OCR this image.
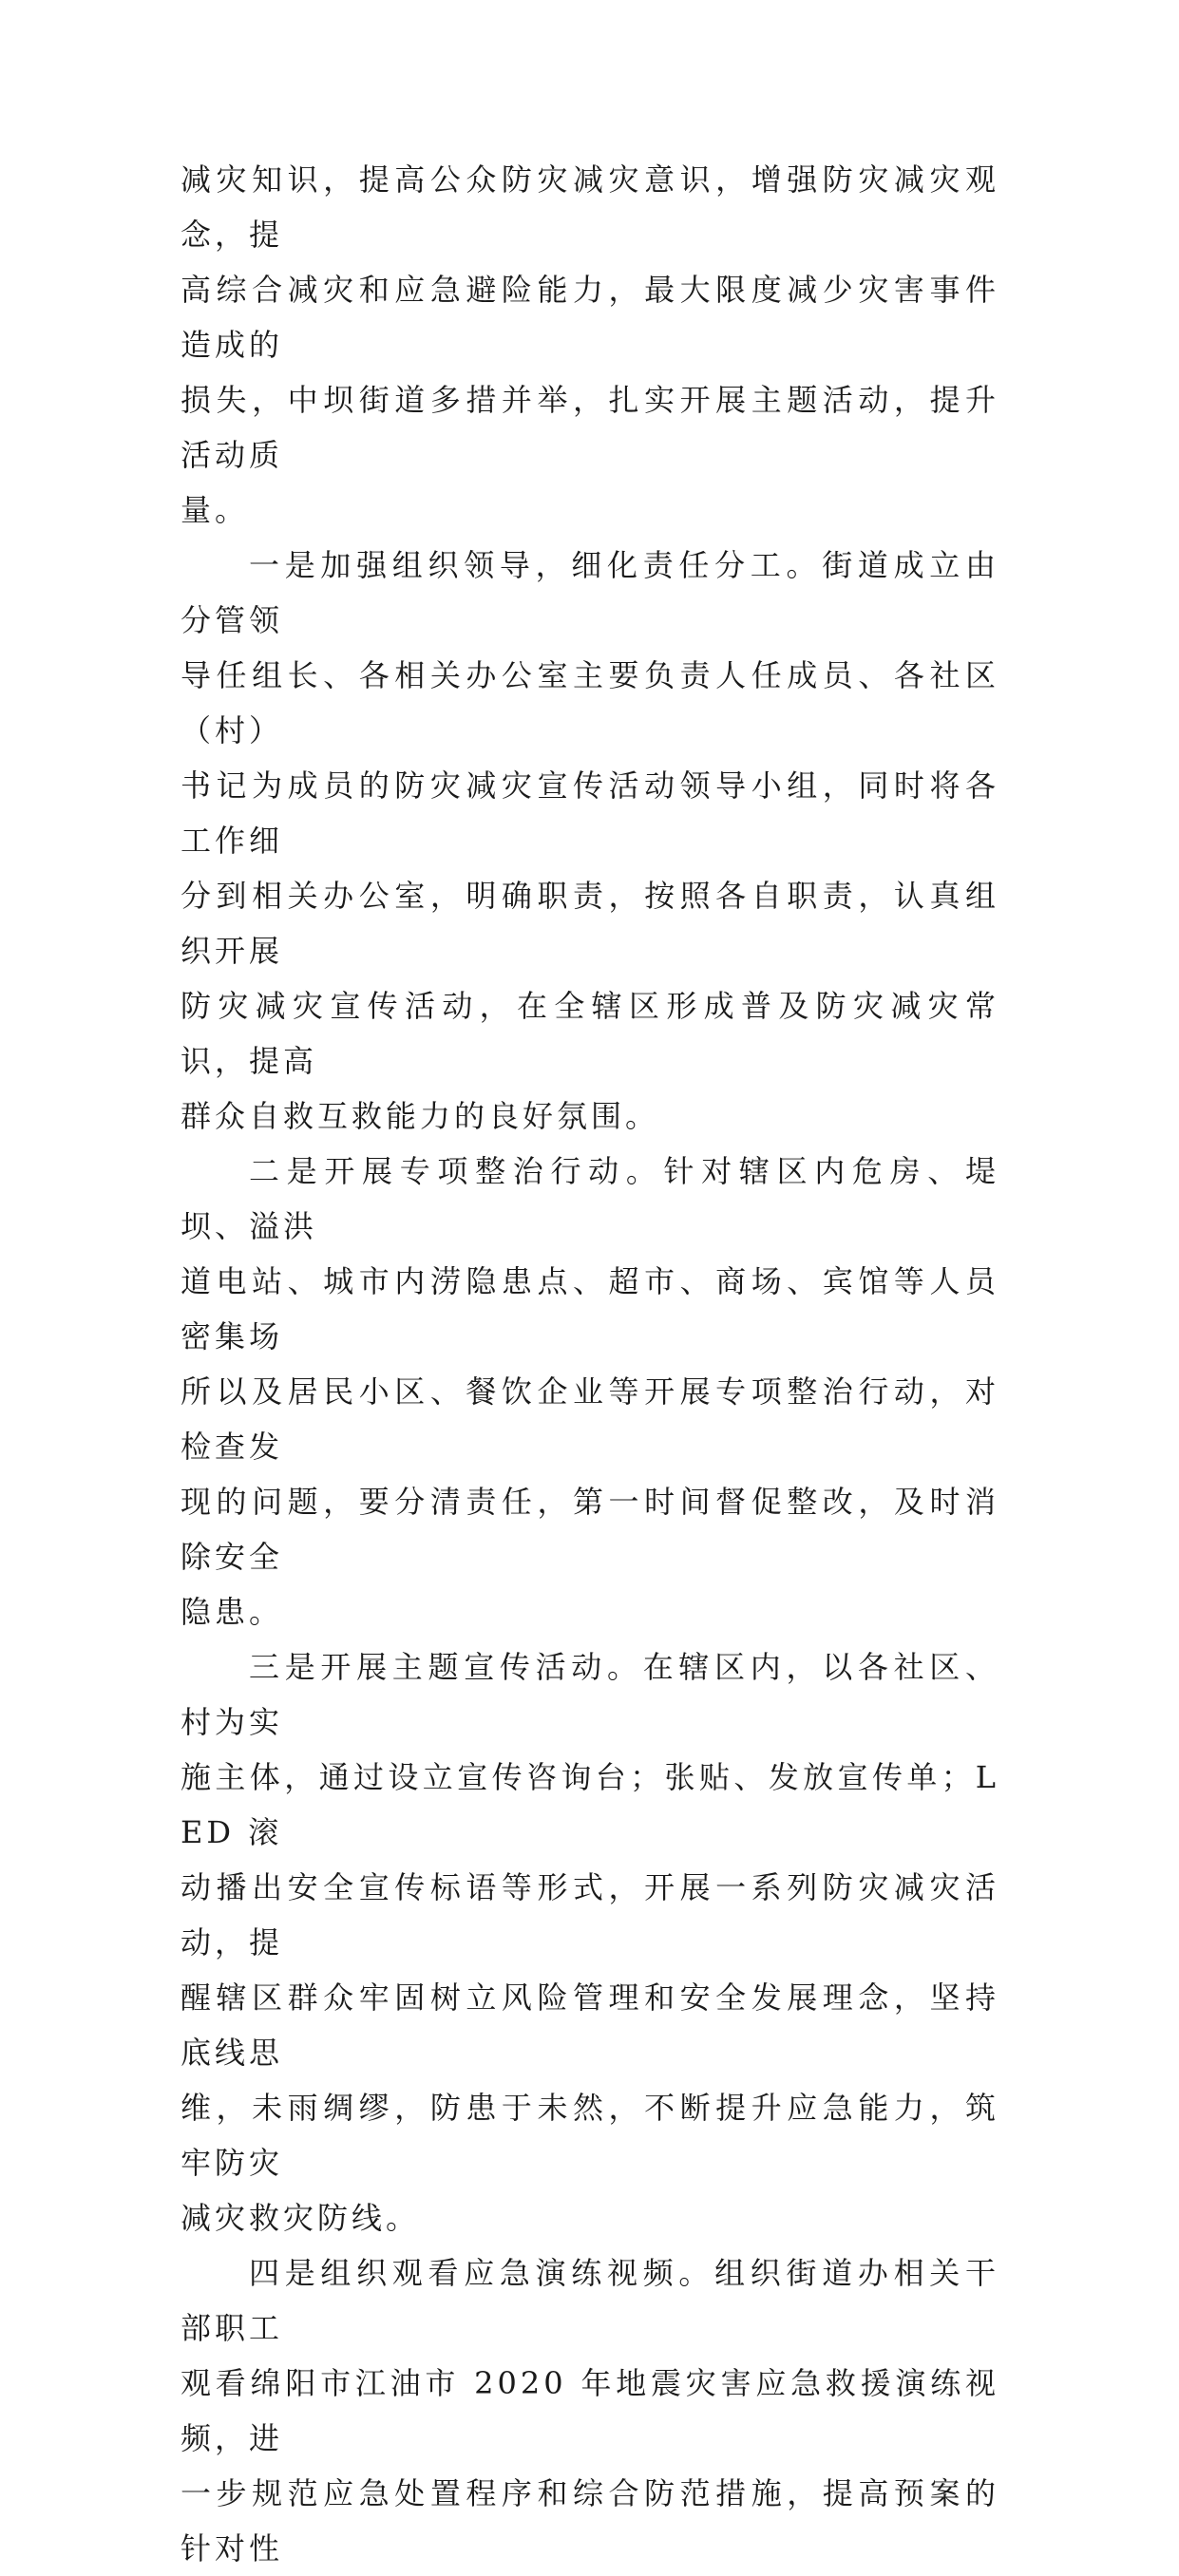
减灾知识，提高公众防灾减灾意识，增强防灾减灾观念，提
高综合减灾和应急避险能力，最大限度减少灾害事件造成的
损失，中坝街道多措并举，扎实开展主题活动，提升活动质
量。

一是加强组织领导，细化责任分工。街道成立由分管领
导任组长、各相关办公室主要负责人任成员、各社区（村）
书记为成员的防灾减灾宣传活动领导小组，同时将各工作细
分到相关办公室，明确职责，按照各自职责，认真组织开展
防灾减灾宣传活动，在全辖区形成普及防灾减灾常识，提高
群众自救互救能力的良好氛围。

二是开展专项整治行动。针对辖区内危房、堤坝、溢洪
道电站、城市内涝隐患点、超市、商场、宾馆等人员密集场
所以及居民小区、餐饮企业等开展专项整治行动，对检查发
现的问题，要分清责任，第一时间督促整改，及时消除安全
隐患。

三是开展主题宣传活动。在辖区内，以各社区、村为实
施主体，通过设立宣传咨询台；张贴、发放宣传单；LED 滚
动播出安全宣传标语等形式，开展一系列防灾减灾活动，提
醒辖区群众牢固树立风险管理和安全发展理念，坚持底线思
维，未雨绸缪，防患于未然，不断提升应急能力，筑牢防灾
减灾救灾防线。

四是组织观看应急演练视频。组织街道办相关干部职工
观看绵阳市江油市 2020 年地震灾害应急救援演练视频，进
一步规范应急处置程序和综合防范措施，提高预案的针对性
